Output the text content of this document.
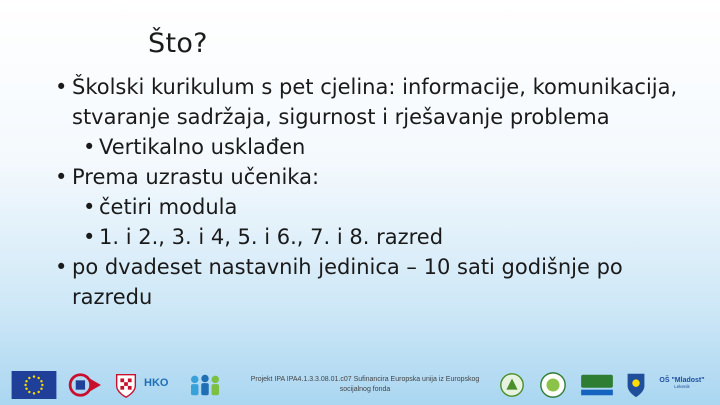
Što?
• Školski kurikulum s pet cjelina: informacije, komunikacija, stvaranje sadržaja, sigurnost i rješavanje problema
• Vertikalno usklađen
• Prema uzrastu učenika:
• četiri modula
• 1. i 2., 3. i 4, 5. i 6., 7. i 8. razred
• po dvadeset nastavnih jedinica – 10 sati godišnje po razredu
HKO	Projekt IPA IPA4.1.3.3.08.01.c07 Sufinancira Europska unija iz Europskog socijalnog fonda
OŠ "Mladost"
Lekenik
